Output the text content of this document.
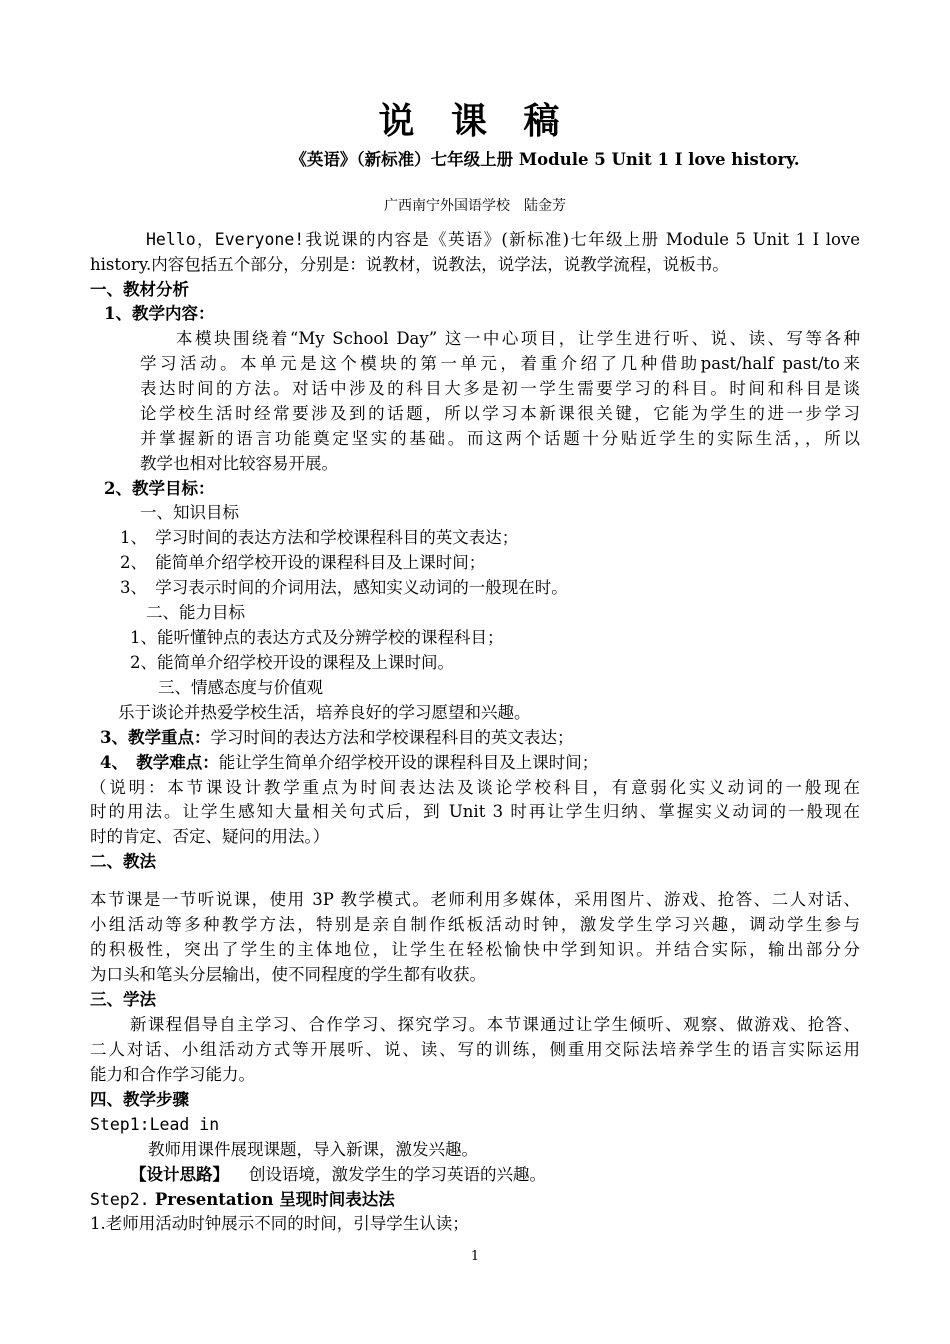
说 课 稿
《英语》（新标准）七年级上册 Module 5 Unit 1 I love history.
广西南宁外国语学校　陆金芳
Hello，Everyone!我说课的内容是《英语》(新标准)七年级上册 Module 5 Unit 1 I love
history.内容包括五个部分，分别是：说教材，说教法，说学法，说教学流程，说板书。
一、教材分析
1、教学内容：
本模块围绕着“My School Day” 这一中心项目，让学生进行听、说、读、写等各种
学习活动。本单元是这个模块的第一单元，着重介绍了几种借助past/half past/to来
表达时间的方法。对话中涉及的科目大多是初一学生需要学习的科目。时间和科目是谈
论学校生活时经常要涉及到的话题，所以学习本新课很关键，它能为学生的进一步学习
并掌握新的语言功能奠定坚实的基础。而这两个话题十分贴近学生的实际生活，，所以
教学也相对比较容易开展。
2、教学目标：
一、知识目标
1、　学习时间的表达方法和学校课程科目的英文表达；
2、　能简单介绍学校开设的课程科目及上课时间；
3、　学习表示时间的介词用法，感知实义动词的一般现在时。
二、能力目标
1、能听懂钟点的表达方式及分辨学校的课程科目；
2、能简单介绍学校开设的课程及上课时间。
三、情感态度与价值观
乐于谈论并热爱学校生活，培养良好的学习愿望和兴趣。
3、教学重点：学习时间的表达方法和学校课程科目的英文表达；
4、　教学难点：能让学生简单介绍学校开设的课程科目及上课时间；
（说明：本节课设计教学重点为时间表达法及谈论学校科目，有意弱化实义动词的一般现在
时的用法。让学生感知大量相关句式后，到 Unit 3 时再让学生归纳、掌握实义动词的一般现在
时的肯定、否定、疑问的用法。）
二、教法
本节课是一节听说课，使用 3P 教学模式。老师利用多媒体，采用图片、游戏、抢答、二人对话、
小组活动等多种教学方法，特别是亲自制作纸板活动时钟，激发学生学习兴趣，调动学生参与
的积极性，突出了学生的主体地位，让学生在轻松愉快中学到知识。并结合实际，输出部分分
为口头和笔头分层输出，使不同程度的学生都有收获。
三、学法
新课程倡导自主学习、合作学习、探究学习。本节课通过让学生倾听、观察、做游戏、抢答、
二人对话、小组活动方式等开展听、说、读、写的训练，侧重用交际法培养学生的语言实际运用
能力和合作学习能力。
四、教学步骤
Step1:Lead in
教师用课件展现课题，导入新课，激发兴趣。
【设计思路】 创设语境，激发学生的学习英语的兴趣。
Step2. Presentation 呈现时间表达法
1.老师用活动时钟展示不同的时间，引导学生认读；
1
